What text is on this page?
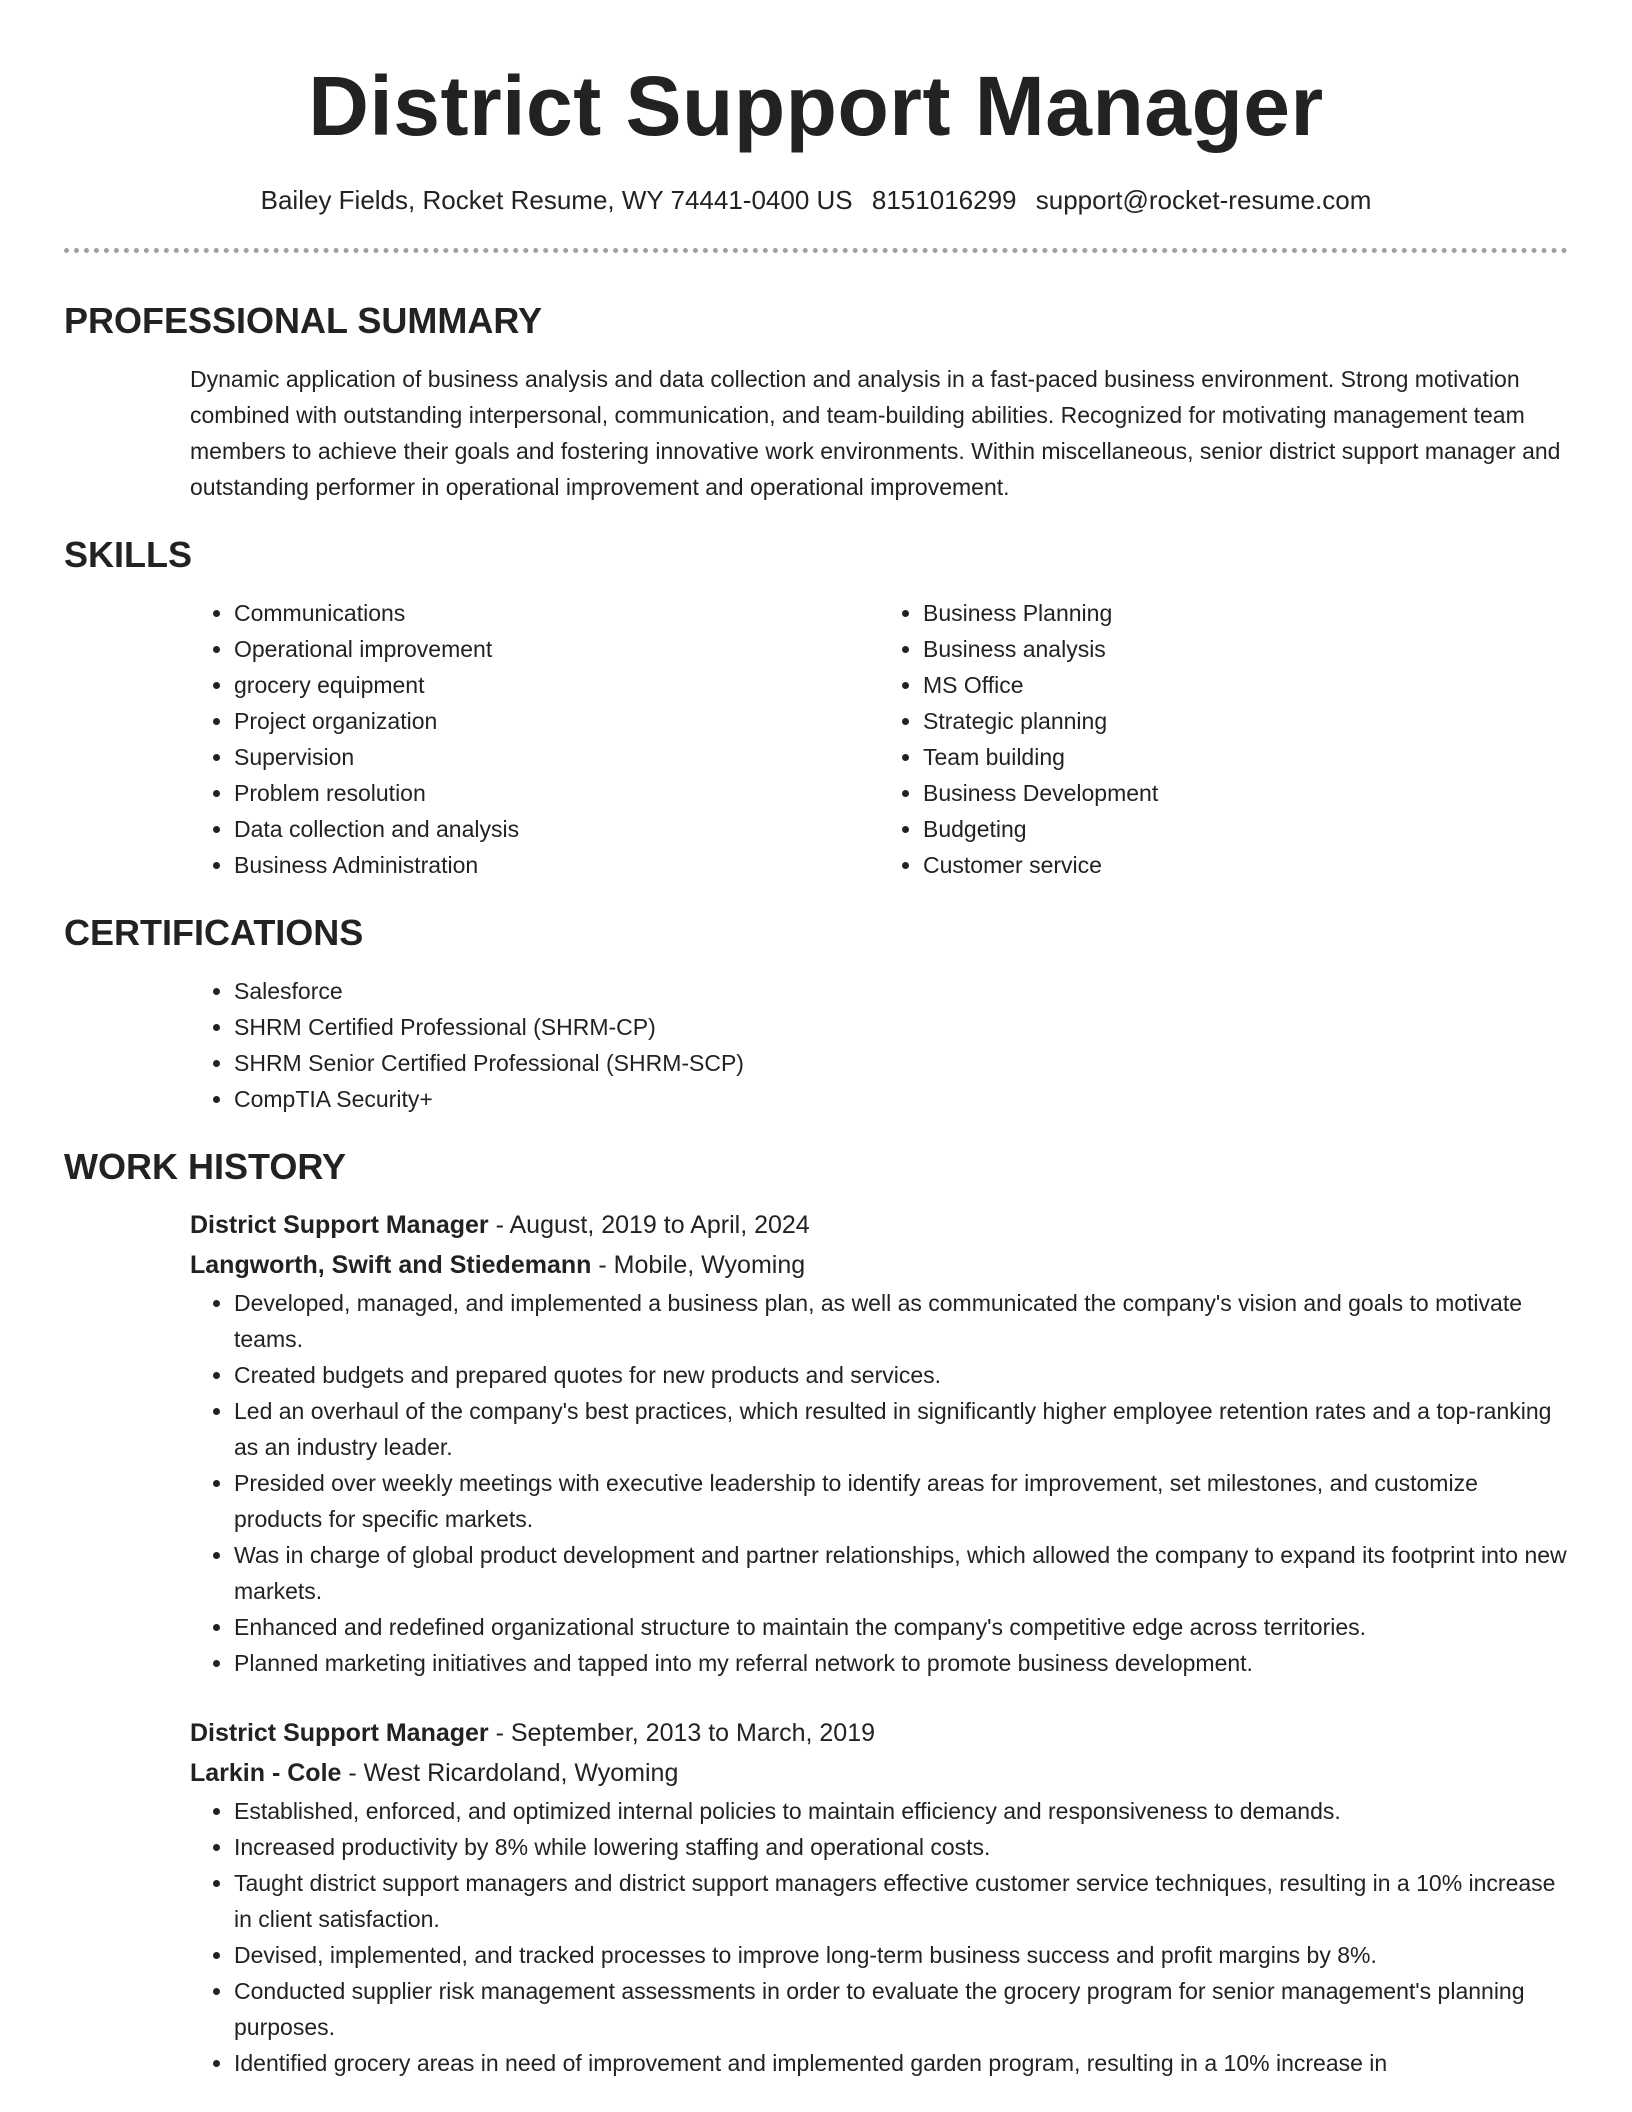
District Support Manager
Bailey Fields, Rocket Resume, WY 74441-0400 US 8151016299 support@rocket-resume.com
PROFESSIONAL SUMMARY

Dynamic application of business analysis and data collection and analysis in a fast-paced business environment. Strong motivation combined with outstanding interpersonal, communication, and team-building abilities. Recognized for motivating management team members to achieve their goals and fostering innovative work environments. Within miscellaneous, senior district support manager and outstanding performer in operational improvement and operational improvement.

SKILLS
• Communications
• Operational improvement
• grocery equipment
• Project organization
• Supervision
• Problem resolution
• Data collection and analysis
• Business Administration
• Business Planning
• Business analysis
• MS Office
• Strategic planning
• Team building
• Business Development
• Budgeting
• Customer service
CERTIFICATIONS
• Salesforce
• SHRM Certified Professional (SHRM-CP)
• SHRM Senior Certified Professional (SHRM-SCP)
• CompTIA Security+
WORK HISTORY
District Support Manager - August, 2019 to April, 2024
Langworth, Swift and Stiedemann - Mobile, Wyoming
• Developed, managed, and implemented a business plan, as well as communicated the company's vision and goals to motivate teams.
• Created budgets and prepared quotes for new products and services.
• Led an overhaul of the company's best practices, which resulted in significantly higher employee retention rates and a top-ranking as an industry leader.
• Presided over weekly meetings with executive leadership to identify areas for improvement, set milestones, and customize products for specific markets.
• Was in charge of global product development and partner relationships, which allowed the company to expand its footprint into new markets.
• Enhanced and redefined organizational structure to maintain the company's competitive edge across territories.
• Planned marketing initiatives and tapped into my referral network to promote business development.
District Support Manager - September, 2013 to March, 2019
Larkin - Cole - West Ricardoland, Wyoming
• Established, enforced, and optimized internal policies to maintain efficiency and responsiveness to demands.
• Increased productivity by 8% while lowering staffing and operational costs.
• Taught district support managers and district support managers effective customer service techniques, resulting in a 10% increase in client satisfaction.
• Devised, implemented, and tracked processes to improve long-term business success and profit margins by 8%.
• Conducted supplier risk management assessments in order to evaluate the grocery program for senior management's planning purposes.
• Identified grocery areas in need of improvement and implemented garden program, resulting in a 10% increase in
